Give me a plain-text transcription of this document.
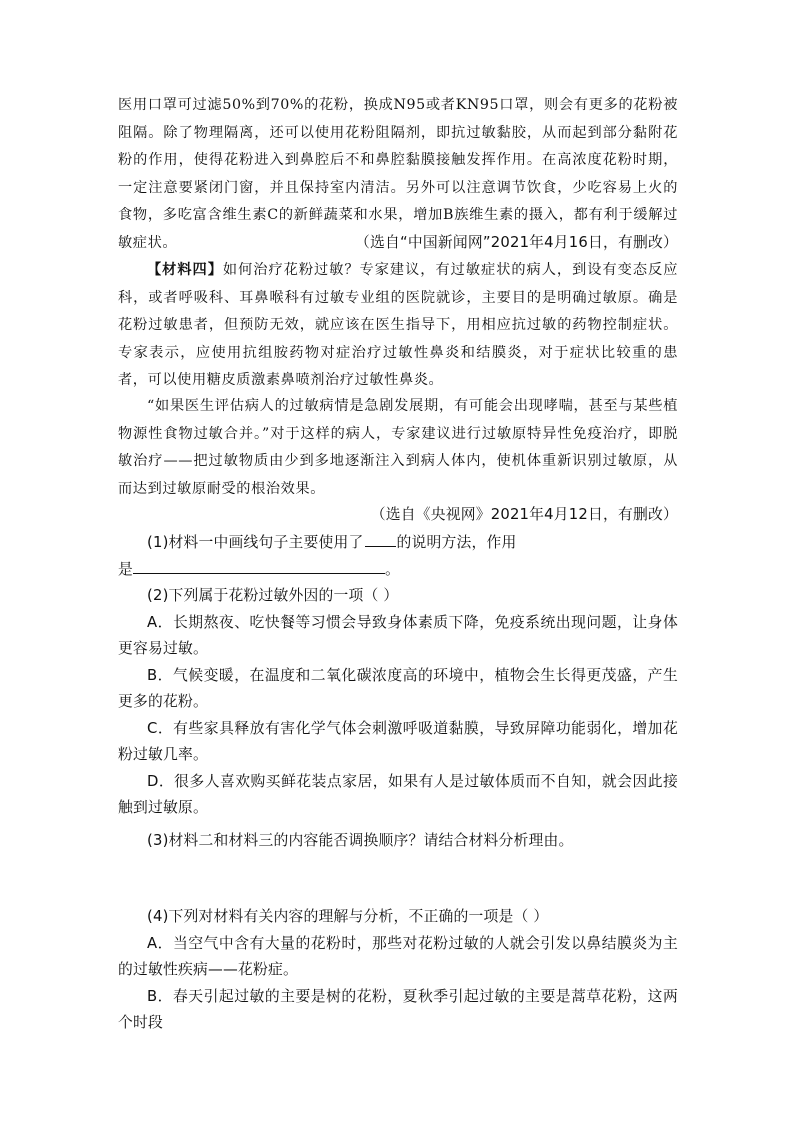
医用口罩可过滤50%到70%的花粉，换成N95或者KN95口罩，则会有更多的花粉被阻隔。除了物理隔离，还可以使用花粉阻隔剂，即抗过敏黏胶，从而起到部分黏附花粉的作用，使得花粉进入到鼻腔后不和鼻腔黏膜接触发挥作用。在高浓度花粉时期，一定注意要紧闭门窗，并且保持室内清洁。另外可以注意调节饮食，少吃容易上火的食物，多吃富含维生素C的新鲜蔬菜和水果，增加B族维生素的摄入，都有利于缓解过敏症状。	（选自“中国新闻网”2021年4月16日，有删改）

【材料四】如何治疗花粉过敏？专家建议，有过敏症状的病人，到设有变态反应科，或者呼吸科、耳鼻喉科有过敏专业组的医院就诊，主要目的是明确过敏原。确是花粉过敏患者，但预防无效，就应该在医生指导下，用相应抗过敏的药物控制症状。专家表示，应使用抗组胺药物对症治疗过敏性鼻炎和结膜炎，对于症状比较重的患者，可以使用糖皮质激素鼻喷剂治疗过敏性鼻炎。

“如果医生评估病人的过敏病情是急剧发展期，有可能会出现哮喘，甚至与某些植物源性食物过敏合并。”对于这样的病人，专家建议进行过敏原特异性免疫治疗，即脱敏治疗——把过敏物质由少到多地逐渐注入到病人体内，使机体重新识别过敏原，从而达到过敏原耐受的根治效果。

（选自《央视网》2021年4月12日，有删改）

(1)材料一中画线句子主要使用了 的说明方法，作用
是	。

(2)下列属于花粉过敏外因的一项（ ）

A．长期熬夜、吃快餐等习惯会导致身体素质下降，免疫系统出现问题，让身体更容易过敏。

B．气候变暖，在温度和二氧化碳浓度高的环境中，植物会生长得更茂盛，产生更多的花粉。

C．有些家具释放有害化学气体会刺激呼吸道黏膜，导致屏障功能弱化，增加花粉过敏几率。

D．很多人喜欢购买鲜花装点家居，如果有人是过敏体质而不自知，就会因此接触到过敏原。

(3)材料二和材料三的内容能否调换顺序？请结合材料分析理由。

(4)下列对材料有关内容的理解与分析，不正确的一项是（ ）

A．当空气中含有大量的花粉时，那些对花粉过敏的人就会引发以鼻结膜炎为主的过敏性疾病——花粉症。

B．春天引起过敏的主要是树的花粉，夏秋季引起过敏的主要是蒿草花粉，这两个时段
